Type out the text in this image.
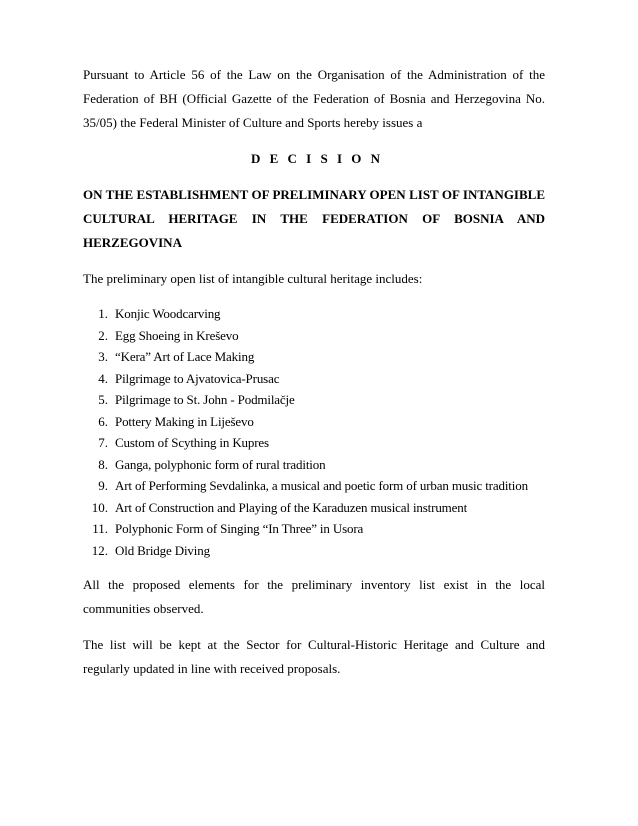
Pursuant to Article 56 of the Law on the Organisation of the Administration of the Federation of BH (Official Gazette of the Federation of Bosnia and Herzegovina No. 35/05) the Federal Minister of Culture and Sports hereby issues a

D E C I S I O N

ON THE ESTABLISHMENT OF PRELIMINARY OPEN LIST OF INTANGIBLE CULTURAL HERITAGE IN THE FEDERATION OF BOSNIA AND HERZEGOVINA

The preliminary open list of intangible cultural heritage includes:

1. Konjic Woodcarving
2. Egg Shoeing in Kreševo
3. “Kera” Art of Lace Making
4. Pilgrimage to Ajvatovica-Prusac
5. Pilgrimage to St. John - Podmilačje
6. Pottery Making in Liješevo
7. Custom of Scything in Kupres
8. Ganga, polyphonic form of rural tradition
9. Art of Performing Sevdalinka, a musical and poetic form of urban music tradition
10. Art of Construction and Playing of the Karaduzen musical instrument
11. Polyphonic Form of Singing “In Three” in Usora
12. Old Bridge Diving

All the proposed elements for the preliminary inventory list exist in the local communities observed.

The list will be kept at the Sector for Cultural-Historic Heritage and Culture and regularly updated in line with received proposals.
